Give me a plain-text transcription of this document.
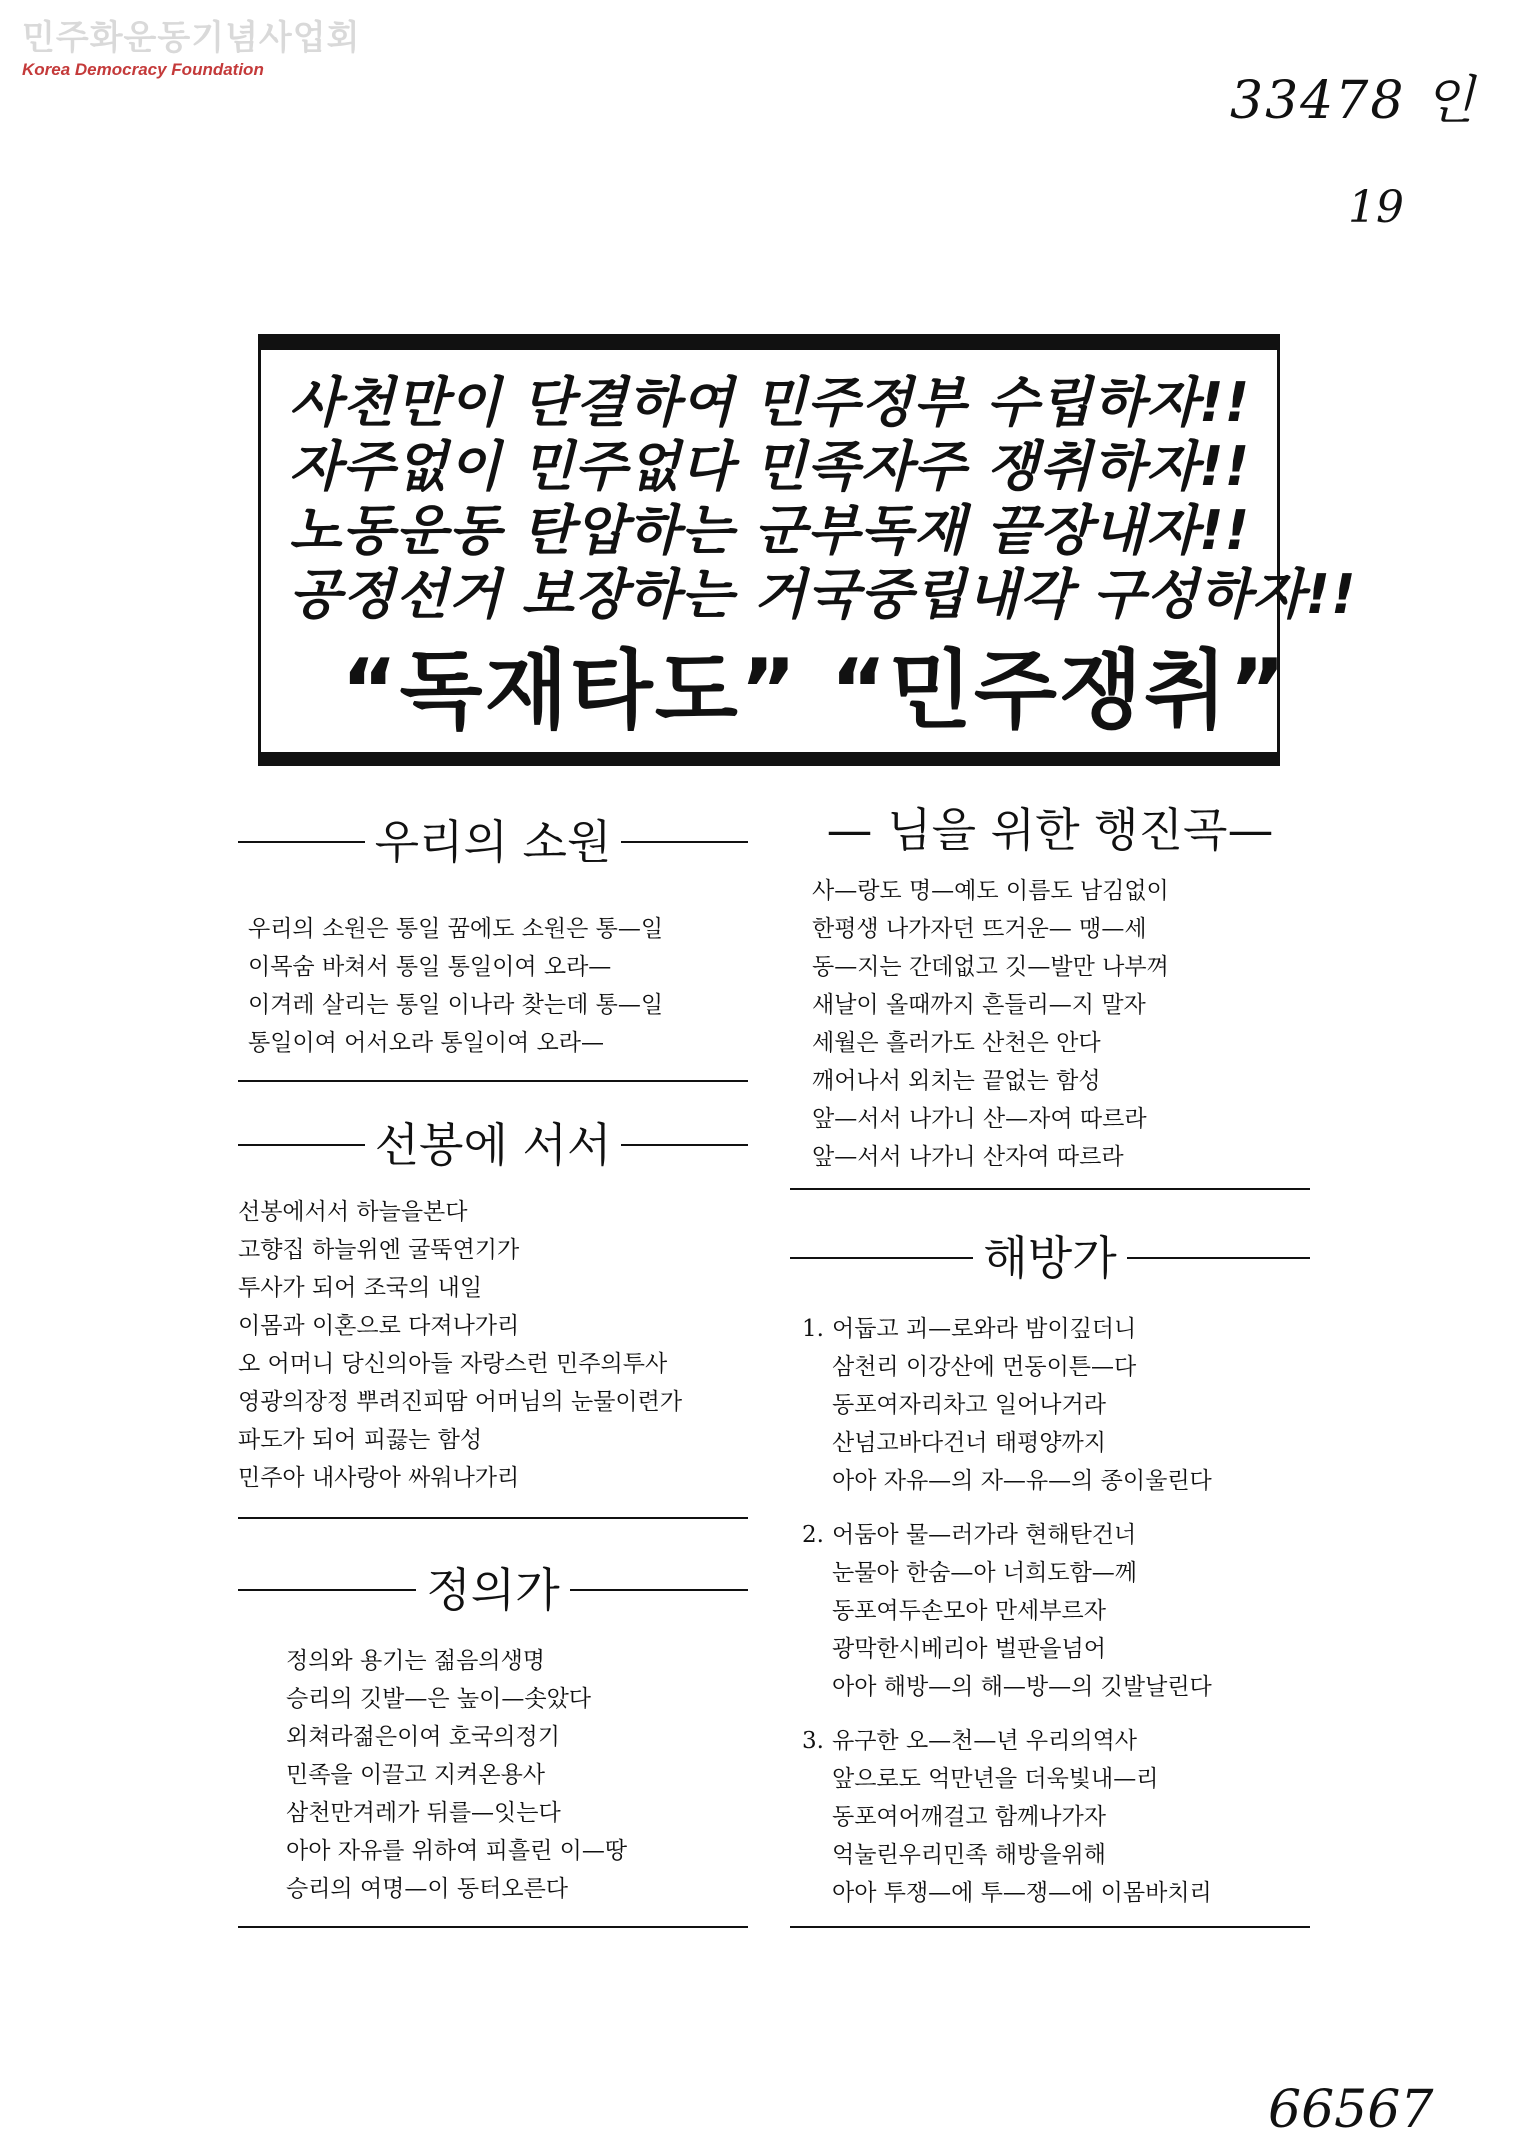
민주화운동기념사업회
Korea Democracy Foundation
33478 인
19
66567
사천만이 단결하여 민주정부 수립하자!!
자주없이 민주없다 민족자주 쟁취하자!!
노동운동 탄압하는 군부독재 끝장내자!!
공정선거 보장하는 거국중립내각 구성하자!!
“독재타도” “민주쟁취”
우리의 소원
우리의 소원은 통일 꿈에도 소원은 통—일
이목숨 바쳐서 통일 통일이여 오라—
이겨레 살리는 통일 이나라 찾는데 통—일
통일이여 어서오라 통일이여 오라—
선봉에 서서
선봉에서서 하늘을본다
고향집 하늘위엔 굴뚝연기가
투사가 되어 조국의 내일
이몸과 이혼으로 다져나가리
오 어머니 당신의아들 자랑스런 민주의투사
영광의장정 뿌려진피땀 어머님의 눈물이련가
파도가 되어 피끓는 함성
민주아 내사랑아 싸워나가리
정의가
정의와 용기는 젊음의생명
승리의 깃발—은 높이—솟았다
외쳐라젊은이여 호국의정기
민족을 이끌고 지켜온용사
삼천만겨레가 뒤를—잇는다
아아 자유를 위하여 피흘린 이—땅
승리의 여명—이 동터오른다
— 님을 위한 행진곡—
사—랑도 명—예도 이름도 남김없이
한평생 나가자던 뜨거운— 맹—세
동—지는 간데없고 깃—발만 나부껴
새날이 올때까지 흔들리—지 말자
세월은 흘러가도 산천은 안다
깨어나서 외치는 끝없는 함성
앞—서서 나가니 산—자여 따르라
앞—서서 나가니 산자여 따르라
해방가
1. 어둡고 괴—로와라 밤이깊더니
삼천리 이강산에 먼동이튼—다
동포여자리차고 일어나거라
산넘고바다건너 태평양까지
아아 자유—의 자—유—의 종이울린다
2. 어둠아 물—러가라 현해탄건너
눈물아 한숨—아 너희도함—께
동포여두손모아 만세부르자
광막한시베리아 벌판을넘어
아아 해방—의 해—방—의 깃발날린다
3. 유구한 오—천—년 우리의역사
앞으로도 억만년을 더욱빛내—리
동포여어깨걸고 함께나가자
억눌린우리민족 해방을위해
아아 투쟁—에 투—쟁—에 이몸바치리
